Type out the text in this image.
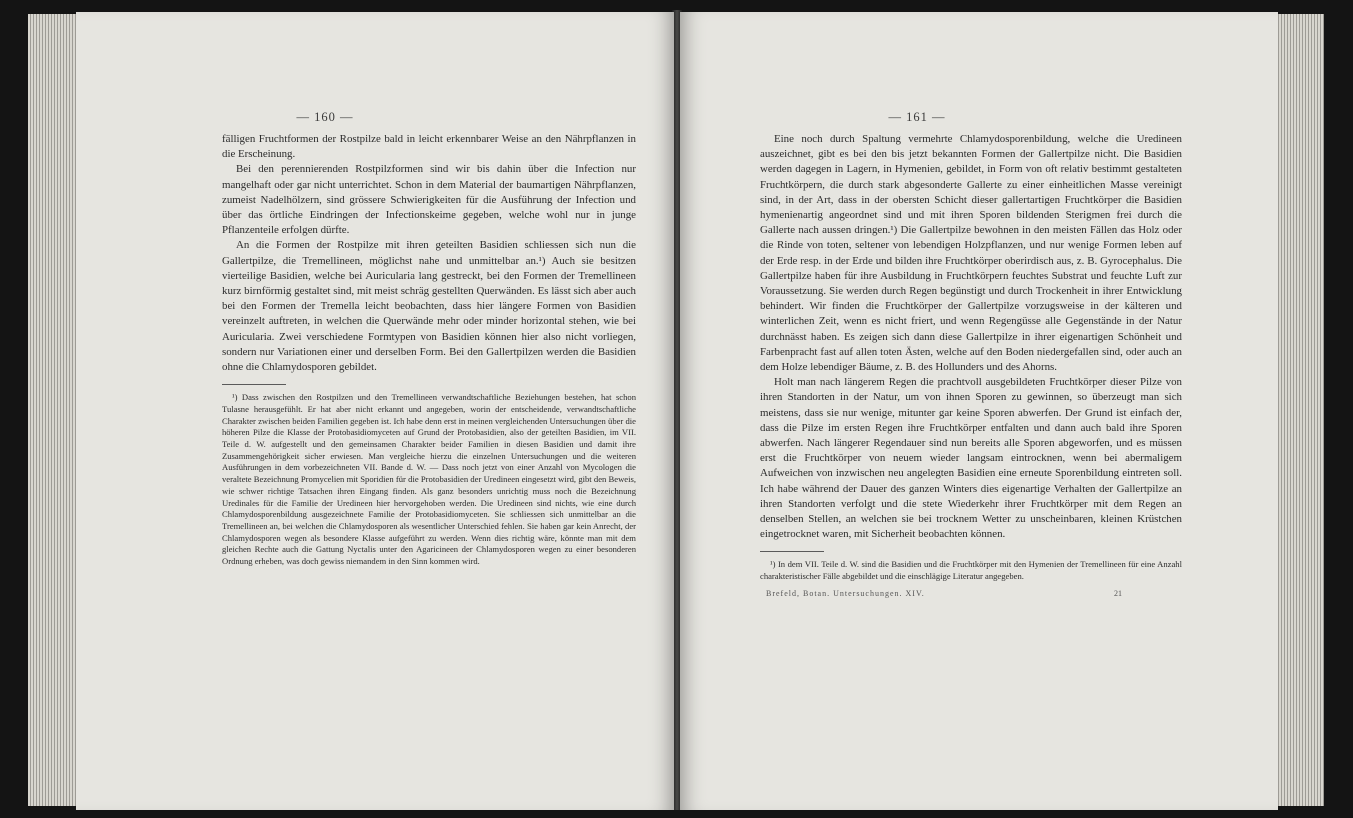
— 160 —

fälligen Fruchtformen der Rostpilze bald in leicht erkennbarer Weise an den Nährpflanzen in die Erscheinung.

Bei den perennierenden Rostpilzformen sind wir bis dahin über die Infection nur mangelhaft oder gar nicht unterrichtet. Schon in dem Material der baumartigen Nährpflanzen, zumeist Nadelhölzern, sind grössere Schwierigkeiten für die Ausführung der Infection und über das örtliche Eindringen der Infectionskeime gegeben, welche wohl nur in junge Pflanzenteile erfolgen dürfte.

An die Formen der Rostpilze mit ihren geteilten Basidien schliessen sich nun die Gallertpilze, die Tremellineen, möglichst nahe und unmittelbar an.¹) Auch sie besitzen vierteilige Basidien, welche bei Auricularia lang gestreckt, bei den Formen der Tremellineen kurz birnförmig gestaltet sind, mit meist schräg gestellten Querwänden. Es lässt sich aber auch bei den Formen der Tremella leicht beobachten, dass hier längere Formen von Basidien vereinzelt auftreten, in welchen die Querwände mehr oder minder horizontal stehen, wie bei Auricularia. Zwei verschiedene Formtypen von Basidien können hier also nicht vorliegen, sondern nur Variationen einer und derselben Form. Bei den Gallertpilzen werden die Basidien ohne die Chlamydosporen gebildet.

¹) Dass zwischen den Rostpilzen und den Tremellineen verwandtschaftliche Beziehungen bestehen, hat schon Tulasne herausgefühlt. Er hat aber nicht erkannt und angegeben, worin der entscheidende, verwandtschaftliche Charakter zwischen beiden Familien gegeben ist. Ich habe denn erst in meinen vergleichenden Untersuchungen über die höheren Pilze die Klasse der Protobasidiomyceten auf Grund der Protobasidien, also der geteilten Basidien, im VII. Teile d. W. aufgestellt und den gemeinsamen Charakter beider Familien in diesen Basidien und damit ihre Zusammengehörigkeit sicher erwiesen. Man vergleiche hierzu die einzelnen Untersuchungen und die weiteren Ausführungen in dem vorbezeichneten VII. Bande d. W. — Dass noch jetzt von einer Anzahl von Mycologen die veraltete Bezeichnung Promycelien mit Sporidien für die Protobasidien der Uredineen eingesetzt wird, gibt den Beweis, wie schwer richtige Tatsachen ihren Eingang finden. Als ganz besonders unrichtig muss noch die Bezeichnung Uredinales für die Familie der Uredineen hier hervorgehoben werden. Die Uredineen sind nichts, wie eine durch Chlamydosporenbildung ausgezeichnete Familie der Protobasidiomyceten. Sie schliessen sich unmittelbar an die Tremellineen an, bei welchen die Chlamydosporen als wesentlicher Unterschied fehlen. Sie haben gar kein Anrecht, der Chlamydosporen wegen als besondere Klasse aufgeführt zu werden. Wenn dies richtig wäre, könnte man mit dem gleichen Rechte auch die Gattung Nyctalis unter den Agaricineen der Chlamydosporen wegen zu einer besonderen Ordnung erheben, was doch gewiss niemandem in den Sinn kommen wird.

— 161 —

Eine noch durch Spaltung vermehrte Chlamydosporenbildung, welche die Uredineen auszeichnet, gibt es bei den bis jetzt bekannten Formen der Gallertpilze nicht. Die Basidien werden dagegen in Lagern, in Hymenien, gebildet, in Form von oft relativ bestimmt gestalteten Fruchtkörpern, die durch stark abgesonderte Gallerte zu einer einheitlichen Masse vereinigt sind, in der Art, dass in der obersten Schicht dieser gallertartigen Fruchtkörper die Basidien hymenienartig angeordnet sind und mit ihren Sporen bildenden Sterigmen frei durch die Gallerte nach aussen dringen.¹) Die Gallertpilze bewohnen in den meisten Fällen das Holz oder die Rinde von toten, seltener von lebendigen Holzpflanzen, und nur wenige Formen leben auf der Erde resp. in der Erde und bilden ihre Fruchtkörper oberirdisch aus, z. B. Gyrocephalus. Die Gallertpilze haben für ihre Ausbildung in Fruchtkörpern feuchtes Substrat und feuchte Luft zur Voraussetzung. Sie werden durch Regen begünstigt und durch Trockenheit in ihrer Entwicklung behindert. Wir finden die Fruchtkörper der Gallertpilze vorzugsweise in der kälteren und winterlichen Zeit, wenn es nicht friert, und wenn Regengüsse alle Gegenstände in der Natur durchnässt haben. Es zeigen sich dann diese Gallertpilze in ihrer eigenartigen Schönheit und Farbenpracht fast auf allen toten Ästen, welche auf den Boden niedergefallen sind, oder auch an dem Holze lebendiger Bäume, z. B. des Hollunders und des Ahorns.

Holt man nach längerem Regen die prachtvoll ausgebildeten Fruchtkörper dieser Pilze von ihren Standorten in der Natur, um von ihnen Sporen zu gewinnen, so überzeugt man sich meistens, dass sie nur wenige, mitunter gar keine Sporen abwerfen. Der Grund ist einfach der, dass die Pilze im ersten Regen ihre Fruchtkörper entfalten und dann auch bald ihre Sporen abwerfen. Nach längerer Regendauer sind nun bereits alle Sporen abgeworfen, und es müssen erst die Fruchtkörper von neuem wieder langsam eintrocknen, wenn bei abermaligem Aufweichen von inzwischen neu angelegten Basidien eine erneute Sporenbildung eintreten soll. Ich habe während der Dauer des ganzen Winters dies eigenartige Verhalten der Gallertpilze an ihren Standorten verfolgt und die stete Wiederkehr ihrer Fruchtkörper mit dem Regen an denselben Stellen, an welchen sie bei trocknem Wetter zu unscheinbaren, kleinen Krüstchen eingetrocknet waren, mit Sicherheit beobachten können.

¹) In dem VII. Teile d. W. sind die Basidien und die Fruchtkörper mit den Hymenien der Tremellineen für eine Anzahl charakteristischer Fälle abgebildet und die einschlägige Literatur angegeben.

Brefeld, Botan. Untersuchungen. XIV.	21
